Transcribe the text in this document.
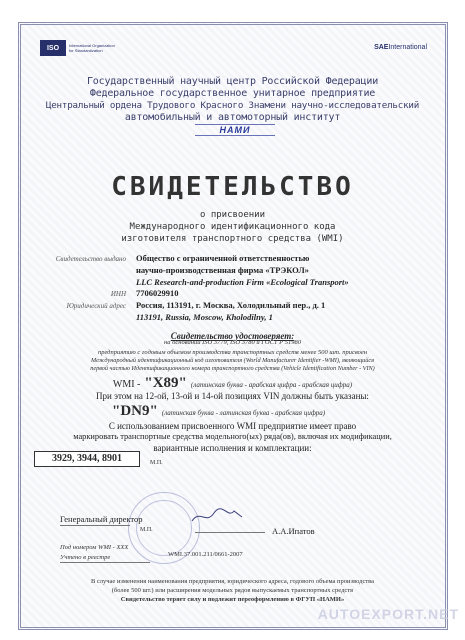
ISO	International Organization for Standardization	SAEInternational
Государственный научный центр Российской Федерации
Федеральное государственное унитарное предприятие
Центральный ордена Трудового Красного Знамени научно-исследовательский
автомобильный и автомоторный институт
НАМИ
СВИДЕТЕЛЬСТВО
о присвоении
Международного идентификационного кода
изготовителя транспортного средства (WMI)
Свидетельство выдано Общество с ограниченной ответственностью
научно-производственная фирма «ТРЭКОЛ»
LLC Research-and-production Firm «Ecological Transport»
ИНН 7706029910
Юридический адрес Россия, 113191, г. Москва, Холодильный пер., д. 1
113191, Russia, Moscow, Kholodilny, 1
Свидетельство удостоверяет:
на основании ISO 3779, ISO 3780 и ГОСТ Р 51980
предприятию с годовым объемом производства транспортных средств менее 500 шт. присвоен
Международный идентификационный код изготовителя (World Manufacturer Identifier -WMI), являющийся
первой частью Идентификационного номера транспортного средства (Vehicle Identification Number - VIN)
WMI - "X89" (латинская буква - арабская цифра - арабская цифра)
При этом на 12-ой, 13-ой и 14-ой позициях VIN должны быть указаны:
"DN9" (латинская буква - латинская буква - арабская цифра)
С использованием присвоенного WMI предприятие имеет право
маркировать транспортные средства модельного(ых) ряда(ов), включая их модификации,
вариантные исполнения и комплектации:
3929, 3944, 8901	М.П.
Генеральный директор
М.П.	А.А.Ипатов
Под номером WMI - XXX
Учтено в реестре	WMI.37.001.211/0661-2007
В случае изменения наименования предприятия, юридического адреса, годового объема производства
(более 500 шт.) или расширения модельных рядов выпускаемых транспортных средств
Свидетельство теряет силу и подлежит переоформлению в ФГУП «НАМИ»
AUTOEXPORT.NET
